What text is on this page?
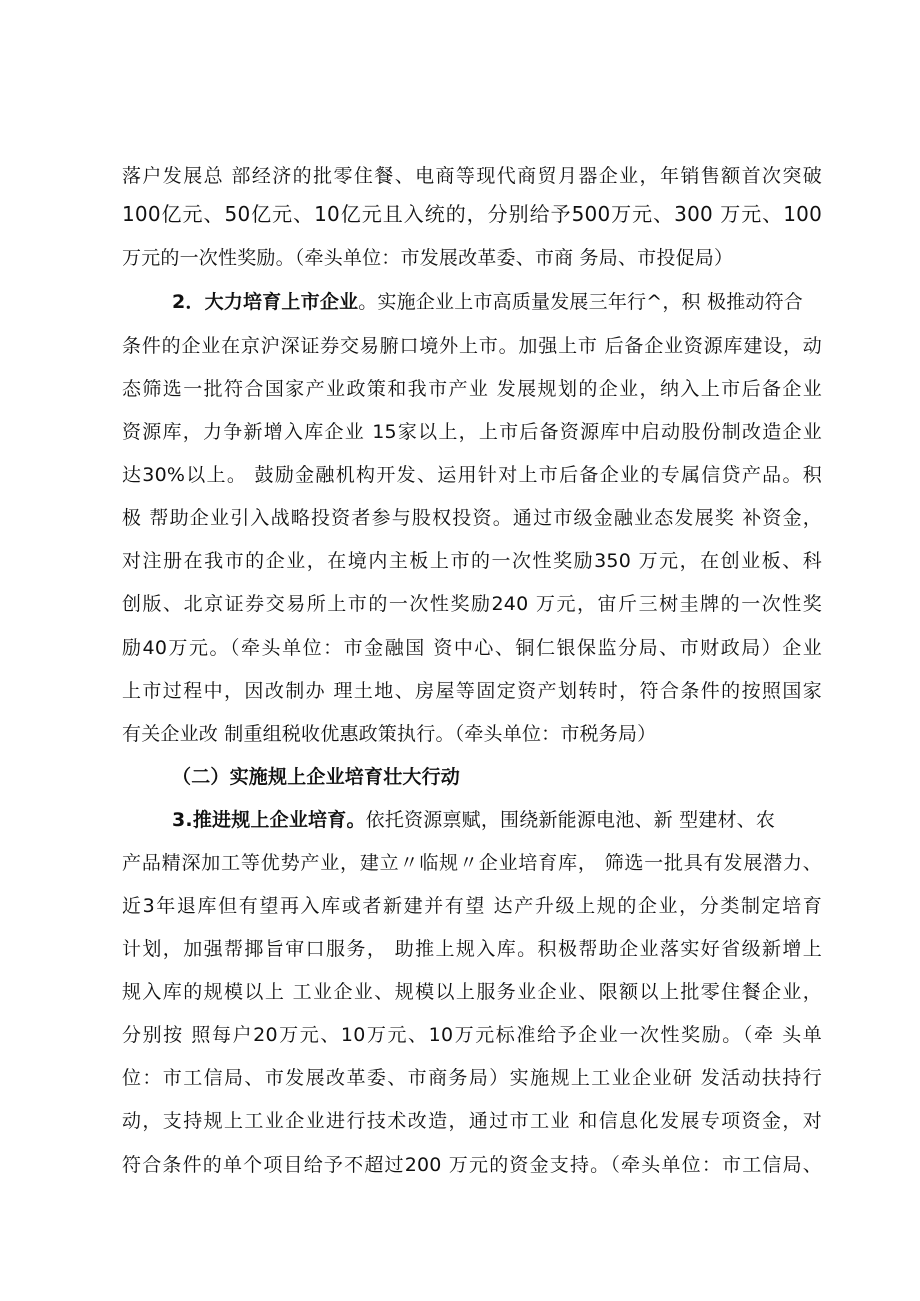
落户发展总 部经济的批零住餐、电商等现代商贸月器企业，年销售额首次突破
100亿元、50亿元、10亿元且入统的，分别给予500万元、300 万元、100
万元的一次性奖励。（牵头单位：市发展改革委、市商 务局、市投促局）
2．大力培育上市企业。实施企业上市高质量发展三年行^，积 极推动符合
条件的企业在京沪深证券交易腑口境外上市。加强上市 后备企业资源库建设，动
态筛选一批符合国家产业政策和我市产业 发展规划的企业，纳入上市后备企业
资源库，力争新增入库企业 15家以上，上市后备资源库中启动股份制改造企业
达30%以上。 鼓励金融机构开发、运用针对上市后备企业的专属信贷产品。积
极 帮助企业引入战略投资者参与股权投资。通过市级金融业态发展奖 补资金，
对注册在我市的企业，在境内主板上市的一次性奖励350 万元，在创业板、科
创版、北京证券交易所上市的一次性奖励240 万元，宙斤三树圭牌的一次性奖
励40万元。（牵头单位：市金融国 资中心、铜仁银保监分局、市财政局）企业
上市过程中，因改制办 理土地、房屋等固定资产划转时，符合条件的按照国家
有关企业改 制重组税收优惠政策执行。（牵头单位：市税务局）
（二）实施规上企业培育壮大行动
3.推进规上企业培育。依托资源禀赋，围绕新能源电池、新 型建材、农
产品精深加工等优势产业，建立〃临规〃企业培育库， 筛选一批具有发展潜力、
近3年退库但有望再入库或者新建并有望 达产升级上规的企业，分类制定培育
计划，加强帮揶旨审口服务， 助推上规入库。积极帮助企业落实好省级新增上
规入库的规模以上 工业企业、规模以上服务业企业、限额以上批零住餐企业，
分别按 照每户20万元、10万元、10万元标准给予企业一次性奖励。（牵 头单
位：市工信局、市发展改革委、市商务局）实施规上工业企业研 发活动扶持行
动，支持规上工业企业进行技术改造，通过市工业 和信息化发展专项资金，对
符合条件的单个项目给予不超过200 万元的资金支持。（牵头单位：市工信局、
